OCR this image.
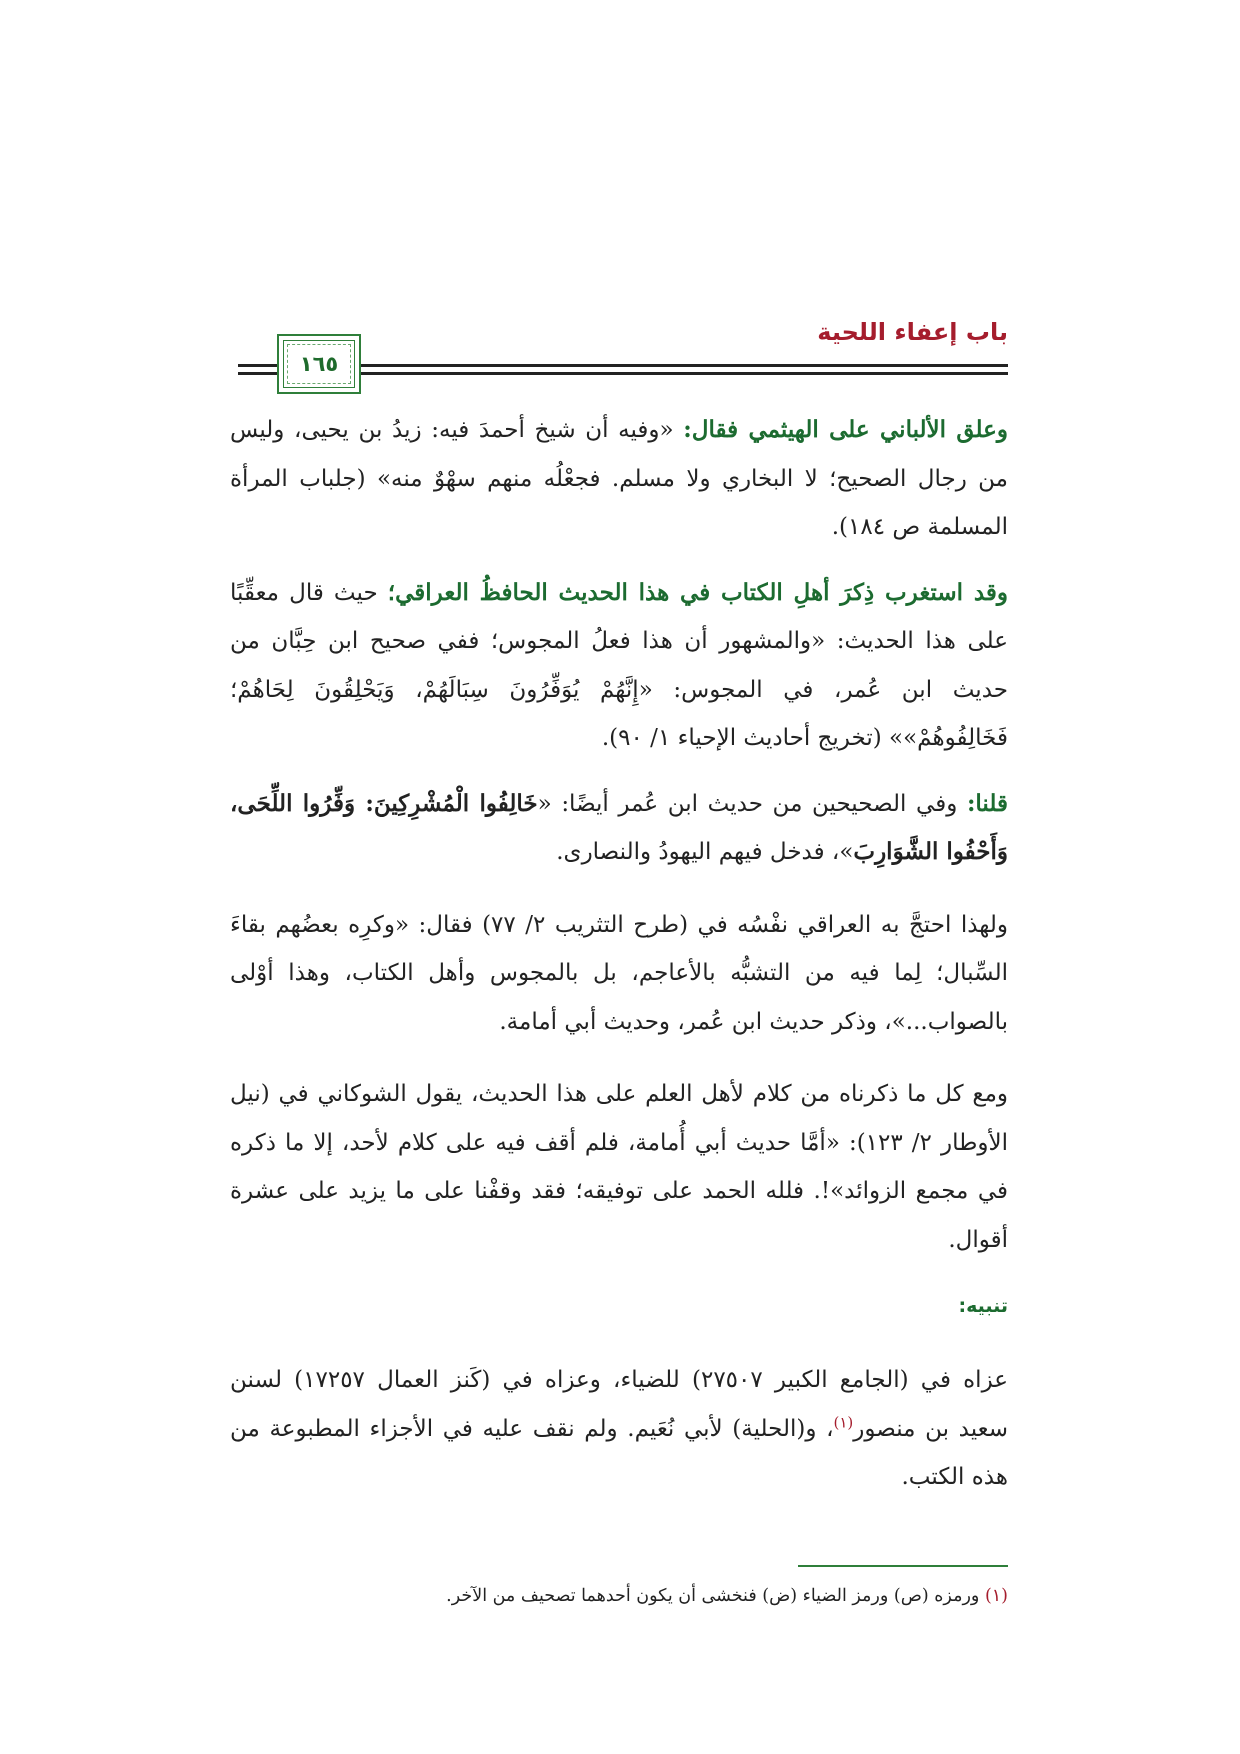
باب إعفاء اللحية
١٦٥

وعلق الألباني على الهيثمي فقال: «وفيه أن شيخ أحمدَ فيه: زيدُ بن يحيى، وليس من رجال الصحيح؛ لا البخاري ولا مسلم. فجعْلُه منهم سهْوٌ منه» (جلباب المرأة المسلمة ص ١٨٤).

وقد استغرب ذِكرَ أهلِ الكتاب في هذا الحديث الحافظُ العراقي؛ حيث قال معقِّبًا على هذا الحديث: «والمشهور أن هذا فعلُ المجوس؛ ففي صحيح ابن حِبَّان من حديث ابن عُمر، في المجوس: «إِنَّهُمْ يُوَفِّرُونَ سِبَالَهُمْ، وَيَحْلِقُونَ لِحَاهُمْ؛ فَخَالِفُوهُمْ»» (تخريج أحاديث الإحياء ١/ ٩٠).

قلنا: وفي الصحيحين من حديث ابن عُمر أيضًا: «خَالِفُوا الْمُشْرِكِينَ: وَفِّرُوا اللِّحَى، وَأَحْفُوا الشَّوَارِبَ»، فدخل فيهم اليهودُ والنصارى.

ولهذا احتجَّ به العراقي نفْسُه في (طرح التثريب ٢/ ٧٧) فقال: «وكرِه بعضُهم بقاءَ السِّبال؛ لِما فيه من التشبُّه بالأعاجم، بل بالمجوس وأهل الكتاب، وهذا أوْلى بالصواب...»، وذكر حديث ابن عُمر، وحديث أبي أمامة.

ومع كل ما ذكرناه من كلام لأهل العلم على هذا الحديث، يقول الشوكاني في (نيل الأوطار ٢/ ١٢٣): «أمَّا حديث أبي أُمامة، فلم أقف فيه على كلام لأحد، إلا ما ذكره في مجمع الزوائد»!. فلله الحمد على توفيقه؛ فقد وقفْنا على ما يزيد على عشرة أقوال.

تنبيه:

عزاه في (الجامع الكبير ٢٧٥٠٧) للضياء، وعزاه في (كَنز العمال ١٧٢٥٧) لسنن سعيد بن منصور$^{(١)}$، و(الحلية) لأبي نُعَيم. ولم نقف عليه في الأجزاء المطبوعة من هذه الكتب.

(١) ورمزه (ص) ورمز الضياء (ض) فنخشى أن يكون أحدهما تصحيف من الآخر.
